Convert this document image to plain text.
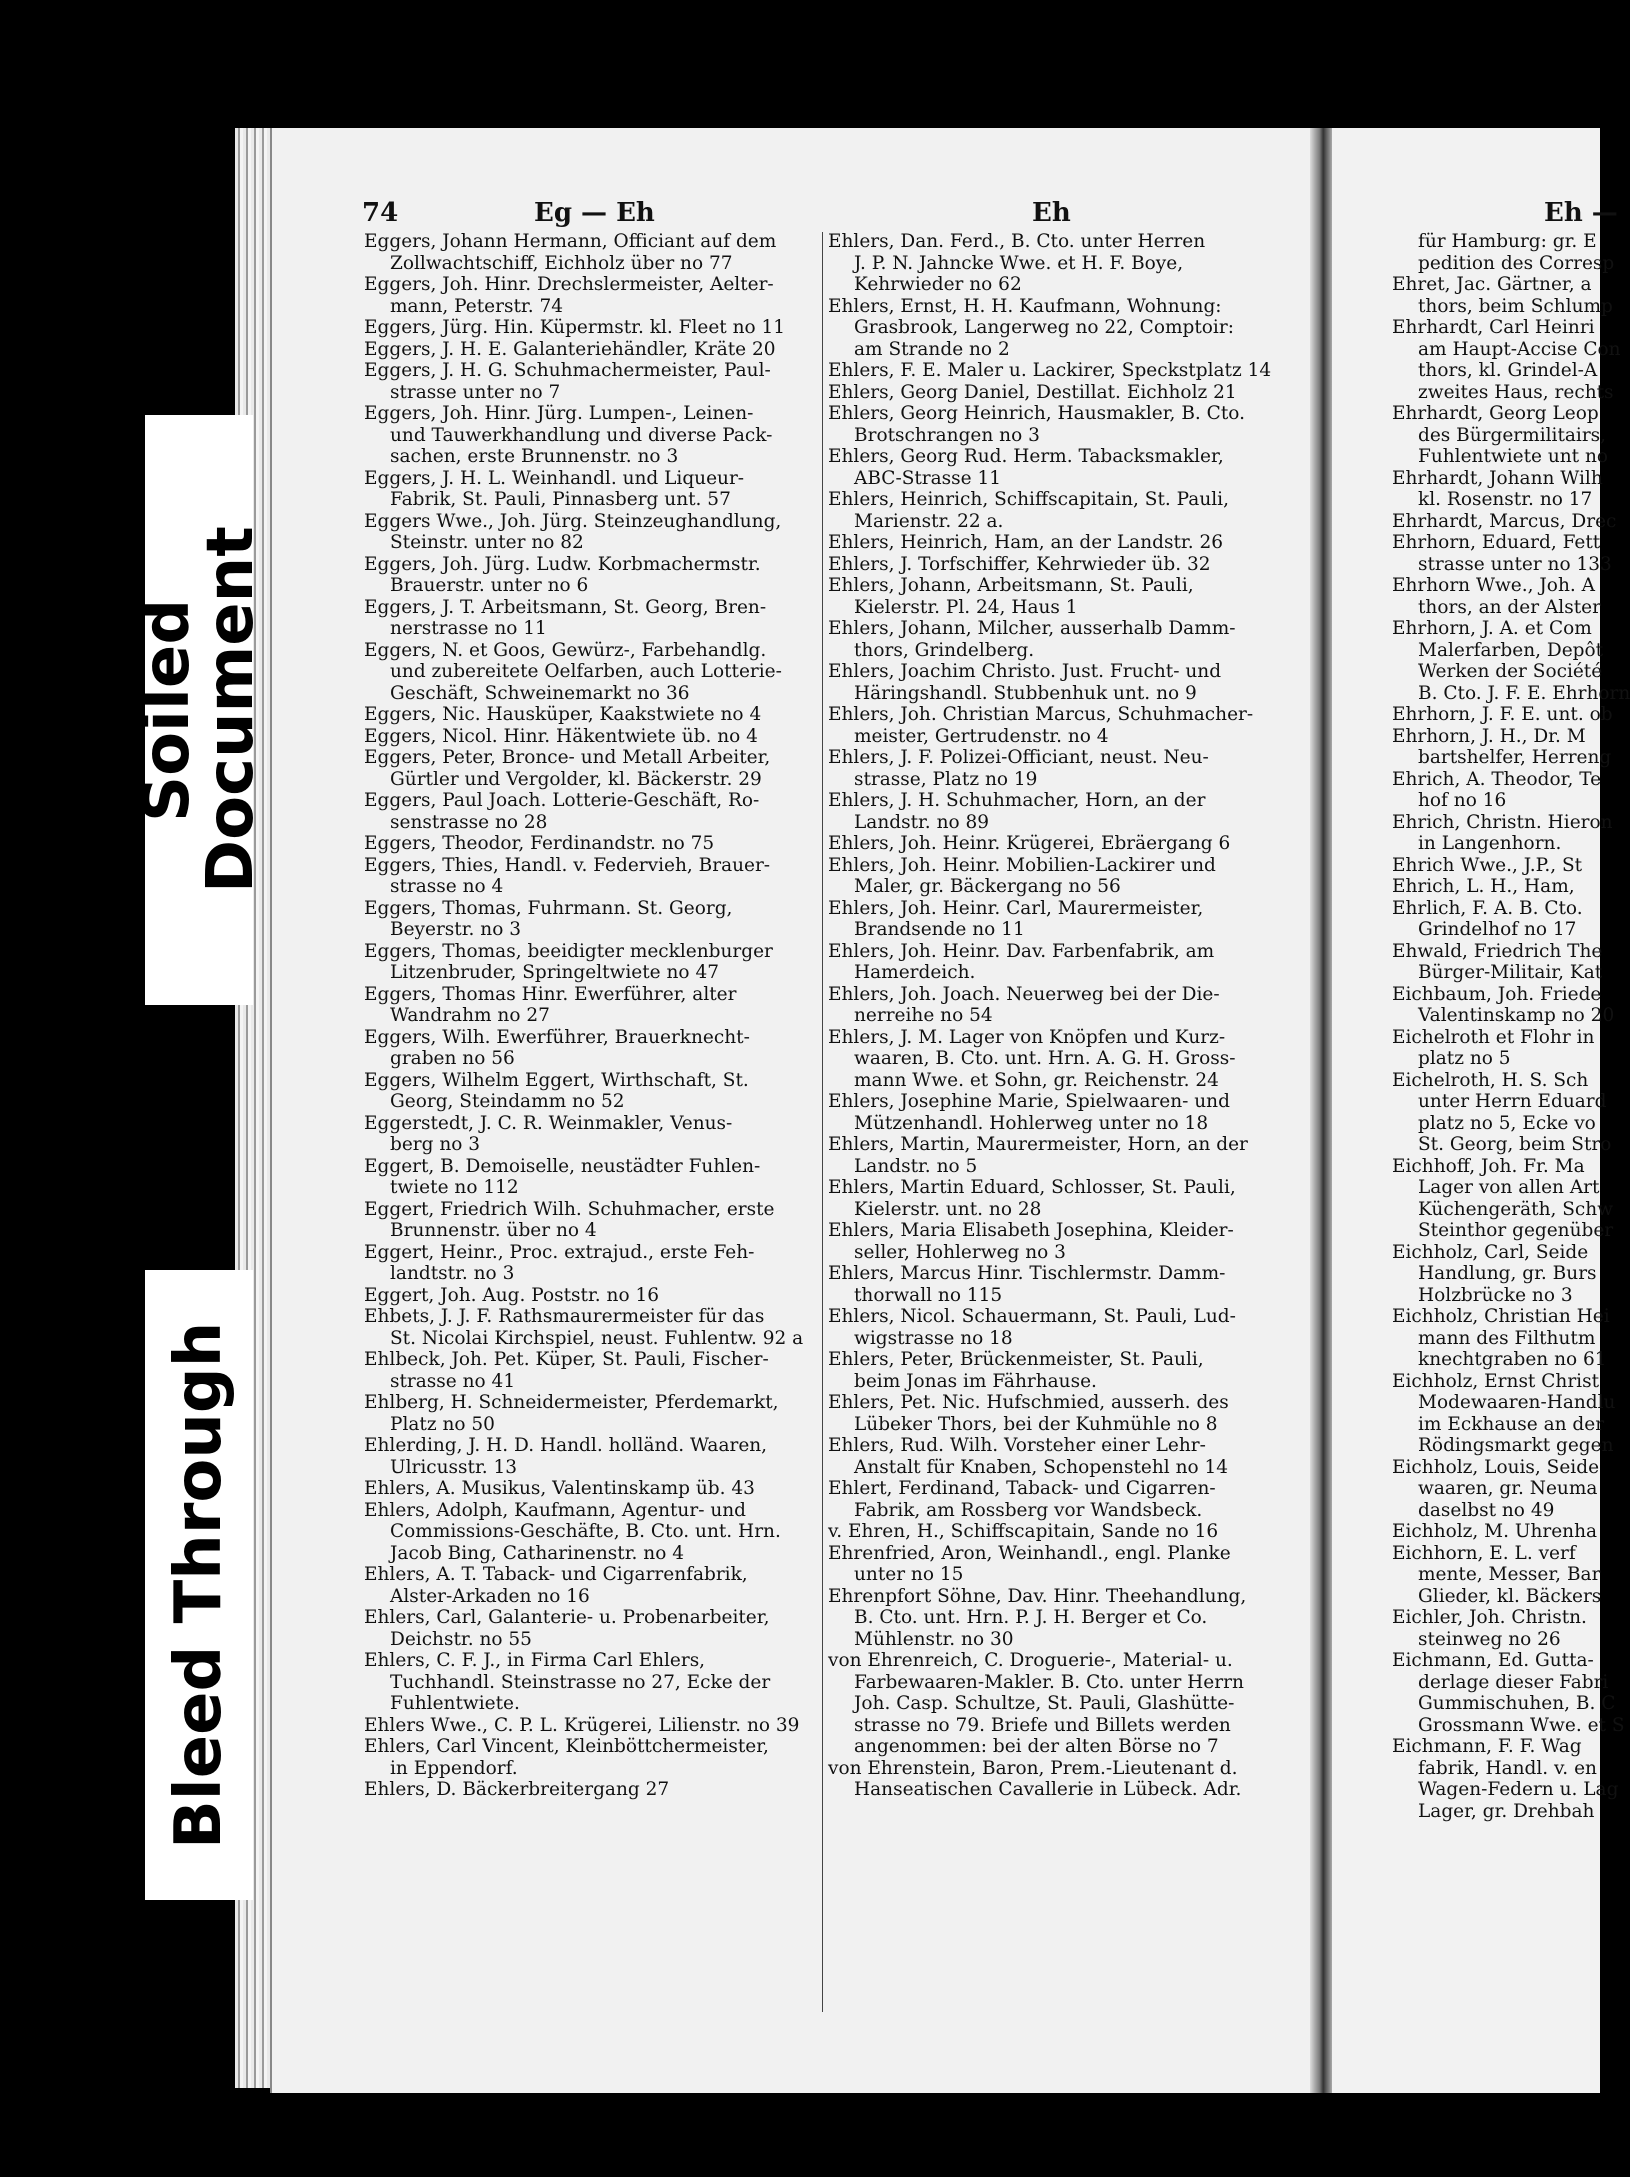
74	Eg — Eh	Eh
Eggers, Johann Hermann, Officiant auf dem
Zollwachtschiff, Eichholz über no 77
Eggers, Joh. Hinr. Drechslermeister, Aelter-
mann, Peterstr. 74
Eggers, Jürg. Hin. Küpermstr. kl. Fleet no 11
Eggers, J. H. E. Galanteriehändler, Kräte 20
Eggers, J. H. G. Schuhmachermeister, Paul-
strasse unter no 7
Eggers, Joh. Hinr. Jürg. Lumpen-, Leinen-
und Tauwerkhandlung und diverse Pack-
sachen, erste Brunnenstr. no 3
Eggers, J. H. L. Weinhandl. und Liqueur-
Fabrik, St. Pauli, Pinnasberg unt. 57
Eggers Wwe., Joh. Jürg. Steinzeughandlung,
Steinstr. unter no 82
Eggers, Joh. Jürg. Ludw. Korbmachermstr.
Brauerstr. unter no 6
Eggers, J. T. Arbeitsmann, St. Georg, Bren-
nerstrasse no 11
Eggers, N. et Goos, Gewürz-, Farbehandlg.
und zubereitete Oelfarben, auch Lotterie-
Geschäft, Schweinemarkt no 36
Eggers, Nic. Hausküper, Kaakstwiete no 4
Eggers, Nicol. Hinr. Häkentwiete üb. no 4
Eggers, Peter, Bronce- und Metall Arbeiter,
Gürtler und Vergolder, kl. Bäckerstr. 29
Eggers, Paul Joach. Lotterie-Geschäft, Ro-
senstrasse no 28
Eggers, Theodor, Ferdinandstr. no 75
Eggers, Thies, Handl. v. Federvieh, Brauer-
strasse no 4
Eggers, Thomas, Fuhrmann. St. Georg,
Beyerstr. no 3
Eggers, Thomas, beeidigter mecklenburger
Litzenbruder, Springeltwiete no 47
Eggers, Thomas Hinr. Ewerführer, alter
Wandrahm no 27
Eggers, Wilh. Ewerführer, Brauerknecht-
graben no 56
Eggers, Wilhelm Eggert, Wirthschaft, St.
Georg, Steindamm no 52
Eggerstedt, J. C. R. Weinmakler, Venus-
berg no 3
Eggert, B. Demoiselle, neustädter Fuhlen-
twiete no 112
Eggert, Friedrich Wilh. Schuhmacher, erste
Brunnenstr. über no 4
Eggert, Heinr., Proc. extrajud., erste Feh-
landtstr. no 3
Eggert, Joh. Aug. Poststr. no 16
Ehbets, J. J. F. Rathsmaurermeister für das
St. Nicolai Kirchspiel, neust. Fuhlentw. 92 a
Ehlbeck, Joh. Pet. Küper, St. Pauli, Fischer-
strasse no 41
Ehlberg, H. Schneidermeister, Pferdemarkt,
Platz no 50
Ehlerding, J. H. D. Handl. holländ. Waaren,
Ulricusstr. 13
Ehlers, A. Musikus, Valentinskamp üb. 43
Ehlers, Adolph, Kaufmann, Agentur- und
Commissions-Geschäfte, B. Cto. unt. Hrn.
Jacob Bing, Catharinenstr. no 4
Ehlers, A. T. Taback- und Cigarrenfabrik,
Alster-Arkaden no 16
Ehlers, Carl, Galanterie- u. Probenarbeiter,
Deichstr. no 55
Ehlers, C. F. J., in Firma Carl Ehlers,
Tuchhandl. Steinstrasse no 27, Ecke der
Fuhlentwiete.
Ehlers Wwe., C. P. L. Krügerei, Lilienstr. no 39
Ehlers, Carl Vincent, Kleinböttchermeister,
in Eppendorf.
Ehlers, D. Bäckerbreitergang 27
Ehlers, Dan. Ferd., B. Cto. unter Herren
J. P. N. Jahncke Wwe. et H. F. Boye,
Kehrwieder no 62
Ehlers, Ernst, H. H. Kaufmann, Wohnung:
Grasbrook, Langerweg no 22, Comptoir:
am Strande no 2
Ehlers, F. E. Maler u. Lackirer, Speckstplatz 14
Ehlers, Georg Daniel, Destillat. Eichholz 21
Ehlers, Georg Heinrich, Hausmakler, B. Cto.
Brotschrangen no 3
Ehlers, Georg Rud. Herm. Tabacksmakler,
ABC-Strasse 11
Ehlers, Heinrich, Schiffscapitain, St. Pauli,
Marienstr. 22 a.
Ehlers, Heinrich, Ham, an der Landstr. 26
Ehlers, J. Torfschiffer, Kehrwieder üb. 32
Ehlers, Johann, Arbeitsmann, St. Pauli,
Kielerstr. Pl. 24, Haus 1
Ehlers, Johann, Milcher, ausserhalb Damm-
thors, Grindelberg.
Ehlers, Joachim Christo. Just. Frucht- und
Häringshandl. Stubbenhuk unt. no 9
Ehlers, Joh. Christian Marcus, Schuhmacher-
meister, Gertrudenstr. no 4
Ehlers, J. F. Polizei-Officiant, neust. Neu-
strasse, Platz no 19
Ehlers, J. H. Schuhmacher, Horn, an der
Landstr. no 89
Ehlers, Joh. Heinr. Krügerei, Ebräergang 6
Ehlers, Joh. Heinr. Mobilien-Lackirer und
Maler, gr. Bäckergang no 56
Ehlers, Joh. Heinr. Carl, Maurermeister,
Brandsende no 11
Ehlers, Joh. Heinr. Dav. Farbenfabrik, am
Hamerdeich.
Ehlers, Joh. Joach. Neuerweg bei der Die-
nerreihe no 54
Ehlers, J. M. Lager von Knöpfen und Kurz-
waaren, B. Cto. unt. Hrn. A. G. H. Gross-
mann Wwe. et Sohn, gr. Reichenstr. 24
Ehlers, Josephine Marie, Spielwaaren- und
Mützenhandl. Hohlerweg unter no 18
Ehlers, Martin, Maurermeister, Horn, an der
Landstr. no 5
Ehlers, Martin Eduard, Schlosser, St. Pauli,
Kielerstr. unt. no 28
Ehlers, Maria Elisabeth Josephina, Kleider-
seller, Hohlerweg no 3
Ehlers, Marcus Hinr. Tischlermstr. Damm-
thorwall no 115
Ehlers, Nicol. Schauermann, St. Pauli, Lud-
wigstrasse no 18
Ehlers, Peter, Brückenmeister, St. Pauli,
beim Jonas im Fährhause.
Ehlers, Pet. Nic. Hufschmied, ausserh. des
Lübeker Thors, bei der Kuhmühle no 8
Ehlers, Rud. Wilh. Vorsteher einer Lehr-
Anstalt für Knaben, Schopenstehl no 14
Ehlert, Ferdinand, Taback- und Cigarren-
Fabrik, am Rossberg vor Wandsbeck.
v. Ehren, H., Schiffscapitain, Sande no 16
Ehrenfried, Aron, Weinhandl., engl. Planke
unter no 15
Ehrenpfort Söhne, Dav. Hinr. Theehandlung,
B. Cto. unt. Hrn. P. J. H. Berger et Co.
Mühlenstr. no 30
von Ehrenreich, C. Droguerie-, Material- u.
Farbewaaren-Makler. B. Cto. unter Herrn
Joh. Casp. Schultze, St. Pauli, Glashütte-
strasse no 79. Briefe und Billets werden
angenommen: bei der alten Börse no 7
von Ehrenstein, Baron, Prem.-Lieutenant d.
Hanseatischen Cavallerie in Lübeck. Adr.
Eh —
für Hamburg: gr. E
pedition des Corresp
Ehret, Jac. Gärtner, a
thors, beim Schlump
Ehrhardt, Carl Heinri
am Haupt-Accise Con
thors, kl. Grindel-A
zweites Haus, rechts
Ehrhardt, Georg Leop
des Bürgermilitairs,
Fuhlentwiete unt no
Ehrhardt, Johann Wilh
kl. Rosenstr. no 17
Ehrhardt, Marcus, Drec
Ehrhorn, Eduard, Fett
strasse unter no 133
Ehrhorn Wwe., Joh. A
thors, an der Alster
Ehrhorn, J. A. et Com
Malerfarben, Depôt
Werken der Société
B. Cto. J. F. E. Ehrhorn
Ehrhorn, J. F. E. unt. ob
Ehrhorn, J. H., Dr. M
bartshelfer, Herreng
Ehrich, A. Theodor, Te
hof no 16
Ehrich, Christn. Hieron
in Langenhorn.
Ehrich Wwe., J.P., St
Ehrich, L. H., Ham,
Ehrlich, F. A. B. Cto.
Grindelhof no 17
Ehwald, Friedrich The
Bürger-Militair, Kat
Eichbaum, Joh. Friede
Valentinskamp no 20
Eichelroth et Flohr in
platz no 5
Eichelroth, H. S. Sch
unter Herrn Eduard
platz no 5, Ecke vo
St. Georg, beim Stro
Eichhoff, Joh. Fr. Ma
Lager von allen Art
Küchengeräth, Schw
Steinthor gegenüber
Eichholz, Carl, Seide
Handlung, gr. Burs
Holzbrücke no 3
Eichholz, Christian Hei
mann des Filthutm
knechtgraben no 61
Eichholz, Ernst Christ
Modewaaren-Handlu
im Eckhause an der
Rödingsmarkt gegen
Eichholz, Louis, Seide
waaren, gr. Neuma
daselbst no 49
Eichholz, M. Uhrenha
Eichhorn, E. L. verf
mente, Messer, Bar
Glieder, kl. Bäckers
Eichler, Joh. Christn.
steinweg no 26
Eichmann, Ed. Gutta-
derlage dieser Fabri
Gummischuhen, B. C
Grossmann Wwe. et S
Eichmann, F. F. Wag
fabrik, Handl. v. en
Wagen-Federn u. Lag
Lager, gr. Drehbah
Soiled Document
Bleed Through
